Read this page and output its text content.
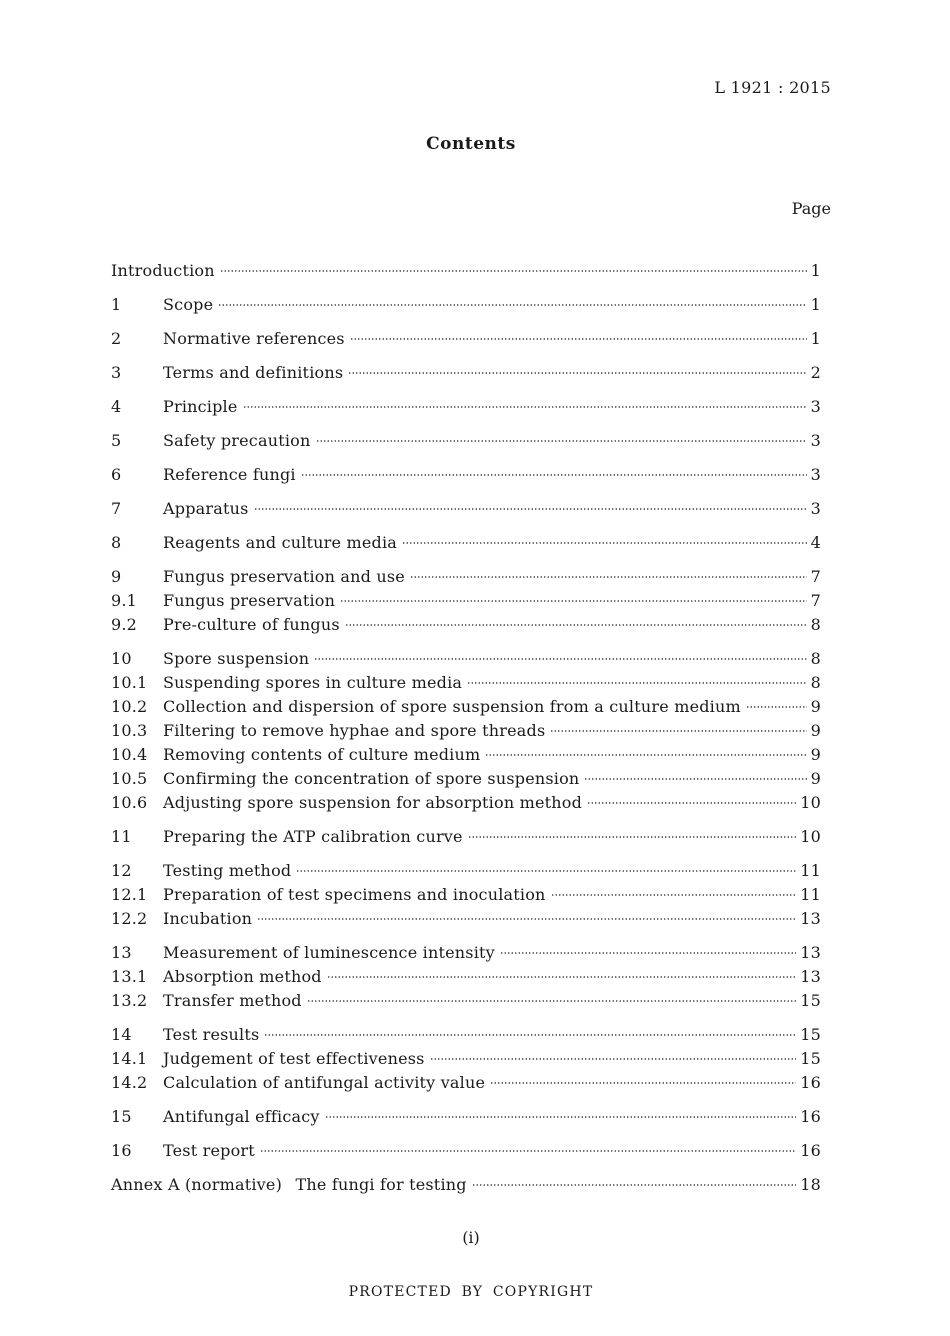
L 1921 : 2015
Contents
Page
Introduction	1
1	Scope	1
2	Normative references	1
3	Terms and definitions	2
4	Principle	3
5	Safety precaution	3
6	Reference fungi	3
7	Apparatus	3
8	Reagents and culture media	4
9	Fungus preservation and use	7
9.1	Fungus preservation	7
9.2	Pre-culture of fungus	8
10	Spore suspension	8
10.1 Suspending spores in culture media	8
10.2 Collection and dispersion of spore suspension from a culture medium	9
10.3 Filtering to remove hyphae and spore threads	9
10.4 Removing contents of culture medium	9
10.5 Confirming the concentration of spore suspension	9
10.6 Adjusting spore suspension for absorption method	10
11	Preparing the ATP calibration curve	10
12	Testing method	11
12.1 Preparation of test specimens and inoculation	11
12.2 Incubation	13
13	Measurement of luminescence intensity	13
13.1 Absorption method	13
13.2 Transfer method	15
14	Test results	15
14.1 Judgement of test effectiveness	15
14.2 Calculation of antifungal activity value	16
15	Antifungal efficacy	16
16	Test report	16
Annex A (normative)  The fungi for testing	18
(i)
PROTECTED BY COPYRIGHT
